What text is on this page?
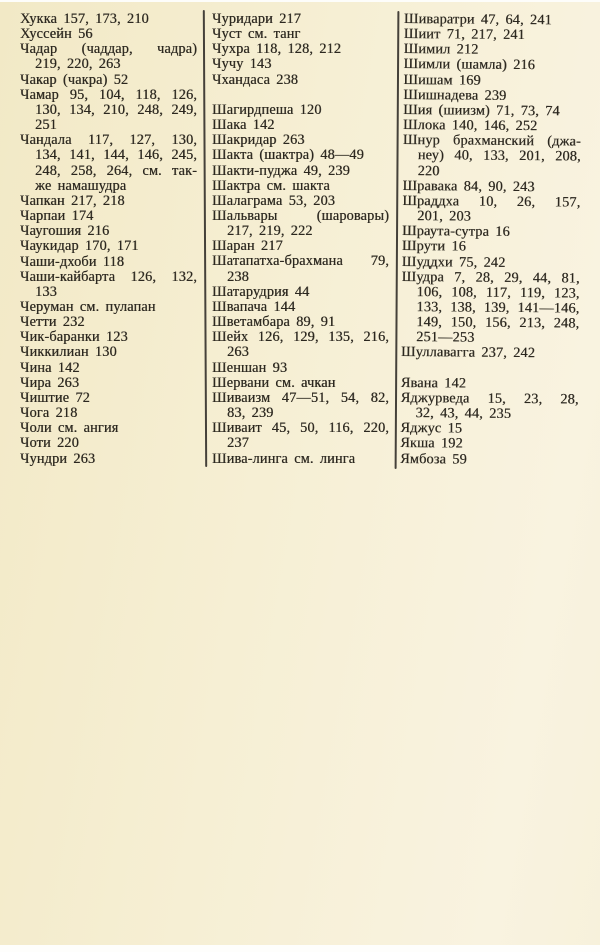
Хукка 157, 173, 210
Хуссейн 56
Чадар (чаддар, чадра)
219, 220, 263
Чакар (чакра) 52
Чамар 95, 104, 118, 126,
130, 134, 210, 248, 249,
251
Чандала 117, 127, 130,
134, 141, 144, 146, 245,
248, 258, 264, см. так-
же намашудра
Чапкан 217, 218
Чарпаи 174
Чаугошия 216
Чаукидар 170, 171
Чаши-дхоби 118
Чаши-кайбарта 126, 132,
133
Черуман см. пулапан
Четти 232
Чик-баранки 123
Чиккилиан 130
Чина 142
Чира 263
Чиштие 72
Чога 218
Чоли см. ангия
Чоти 220
Чундри 263
Чуридари 217
Чуст см. танг
Чухра 118, 128, 212
Чучу 143
Чхандаса 238
Шагирдпеша 120
Шака 142
Шакридар 263
Шакта (шактра) 48—49
Шакти-пуджа 49, 239
Шактра см. шакта
Шалаграма 53, 203
Шальвары (шаровары)
217, 219, 222
Шаран 217
Шатапатха-брахмана 79,
238
Шатарудрия 44
Швапача 144
Шветамбара 89, 91
Шейх 126, 129, 135, 216,
263
Шеншан 93
Шервани см. ачкан
Шиваизм 47—51, 54, 82,
83, 239
Шиваит 45, 50, 116, 220,
237
Шива-линга см. линга
Шиваратри 47, 64, 241
Шиит 71, 217, 241
Шимил 212
Шимли (шамла) 216
Шишам 169
Шишнадева 239
Шия (шиизм) 71, 73, 74
Шлока 140, 146, 252
Шнур брахманский (джа-
неу) 40, 133, 201, 208,
220
Шравака 84, 90, 243
Шраддха 10, 26, 157,
201, 203
Шраута-сутра 16
Шрути 16
Шуддхи 75, 242
Шудра 7, 28, 29, 44, 81,
106, 108, 117, 119, 123,
133, 138, 139, 141—146,
149, 150, 156, 213, 248,
251—253
Шуллавагга 237, 242
Явана 142
Яджурведа 15, 23, 28,
32, 43, 44, 235
Яджус 15
Якша 192
Ямбоза 59
